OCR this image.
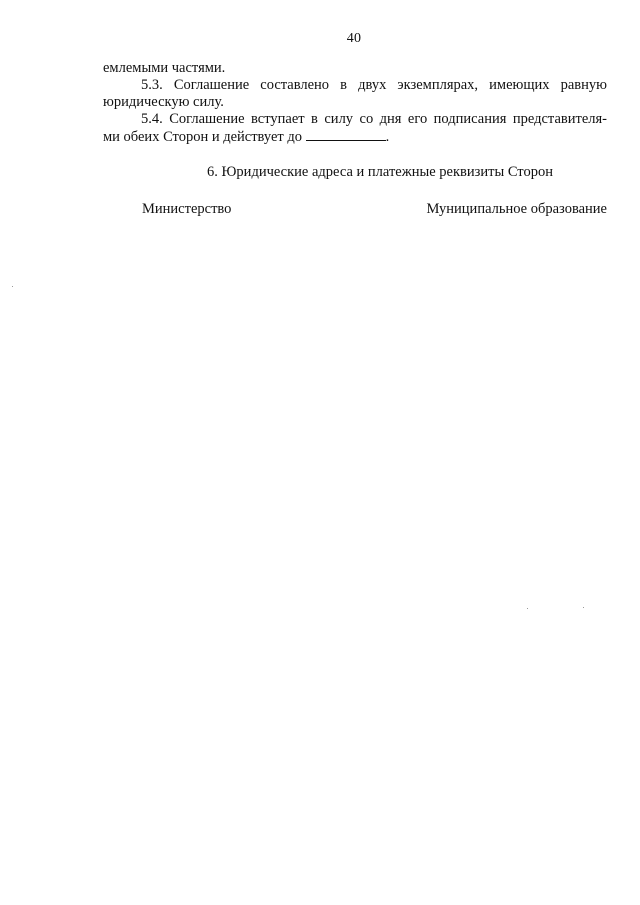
40
емлемыми частями.
5.3. Соглашение составлено в двух экземплярах, имеющих равную
юридическую силу.
5.4. Соглашение вступает в силу со дня его подписания представителя-
ми обеих Сторон и действует до	.
6. Юридические адреса и платежные реквизиты Сторон
Министерство	Муниципальное образование
